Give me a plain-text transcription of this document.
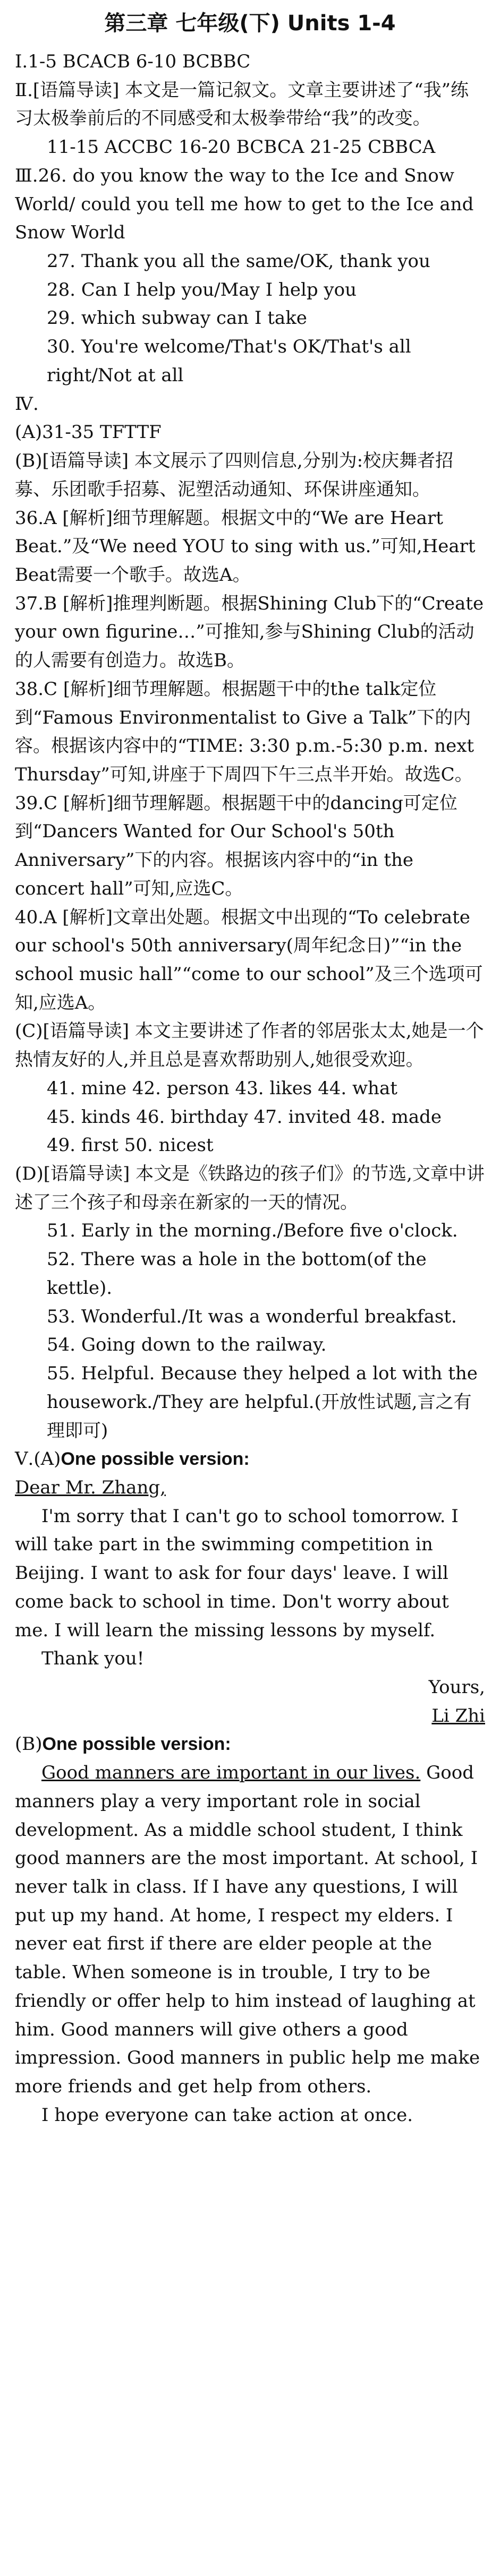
第三章 七年级(下) Units 1-4

Ⅰ.1-5 BCACB 6-10 BCBBC

Ⅱ.[语篇导读] 本文是一篇记叙文。文章主要讲述了“我”练习太极拳前后的不同感受和太极拳带给“我”的改变。

11-15 ACCBC 16-20 BCBCA 21-25 CBBCA

Ⅲ.26. do you know the way to the Ice and Snow World/ could you tell me how to get to the Ice and Snow World

27. Thank you all the same/OK, thank you

28. Can I help you/May I help you

29. which subway can I take

30. You're welcome/That's OK/That's all right/Not at all

Ⅳ.

(A)31-35 TFTTF

(B)[语篇导读] 本文展示了四则信息,分别为:校庆舞者招募、乐团歌手招募、泥塑活动通知、环保讲座通知。

36.A [解析]细节理解题。根据文中的“We are Heart Beat.”及“We need YOU to sing with us.”可知,Heart Beat需要一个歌手。故选A。

37.B [解析]推理判断题。根据Shining Club下的“Create your own figurine…”可推知,参与Shining Club的活动的人需要有创造力。故选B。

38.C [解析]细节理解题。根据题干中的the talk定位到“Famous Environmentalist to Give a Talk”下的内容。根据该内容中的“TIME: 3:30 p.m.-5:30 p.m. next Thursday”可知,讲座于下周四下午三点半开始。故选C。

39.C [解析]细节理解题。根据题干中的dancing可定位到“Dancers Wanted for Our School's 50th Anniversary”下的内容。根据该内容中的“in the concert hall”可知,应选C。

40.A [解析]文章出处题。根据文中出现的“To celebrate our school's 50th anniversary(周年纪念日)”“in the school music hall”“come to our school”及三个选项可知,应选A。

(C)[语篇导读] 本文主要讲述了作者的邻居张太太,她是一个热情友好的人,并且总是喜欢帮助别人,她很受欢迎。

41. mine 42. person 43. likes 44. what

45. kinds 46. birthday 47. invited 48. made

49. first 50. nicest

(D)[语篇导读] 本文是《铁路边的孩子们》的节选,文章中讲述了三个孩子和母亲在新家的一天的情况。

51. Early in the morning./Before five o'clock.

52. There was a hole in the bottom(of the kettle).

53. Wonderful./It was a wonderful breakfast.

54. Going down to the railway.

55. Helpful. Because they helped a lot with the housework./They are helpful.(开放性试题,言之有理即可)

Ⅴ.(A)One possible version:

Dear Mr. Zhang,

I'm sorry that I can't go to school tomorrow. I will take part in the swimming competition in Beijing. I want to ask for four days' leave. I will come back to school in time. Don't worry about me. I will learn the missing lessons by myself.

Thank you!

Yours,

Li Zhi

(B)One possible version:

Good manners are important in our lives. Good manners play a very important role in social development. As a middle school student, I think good manners are the most important. At school, I never talk in class. If I have any questions, I will put up my hand. At home, I respect my elders. I never eat first if there are elder people at the table. When someone is in trouble, I try to be friendly or offer help to him instead of laughing at him. Good manners will give others a good impression. Good manners in public help me make more friends and get help from others.

I hope everyone can take action at once.
